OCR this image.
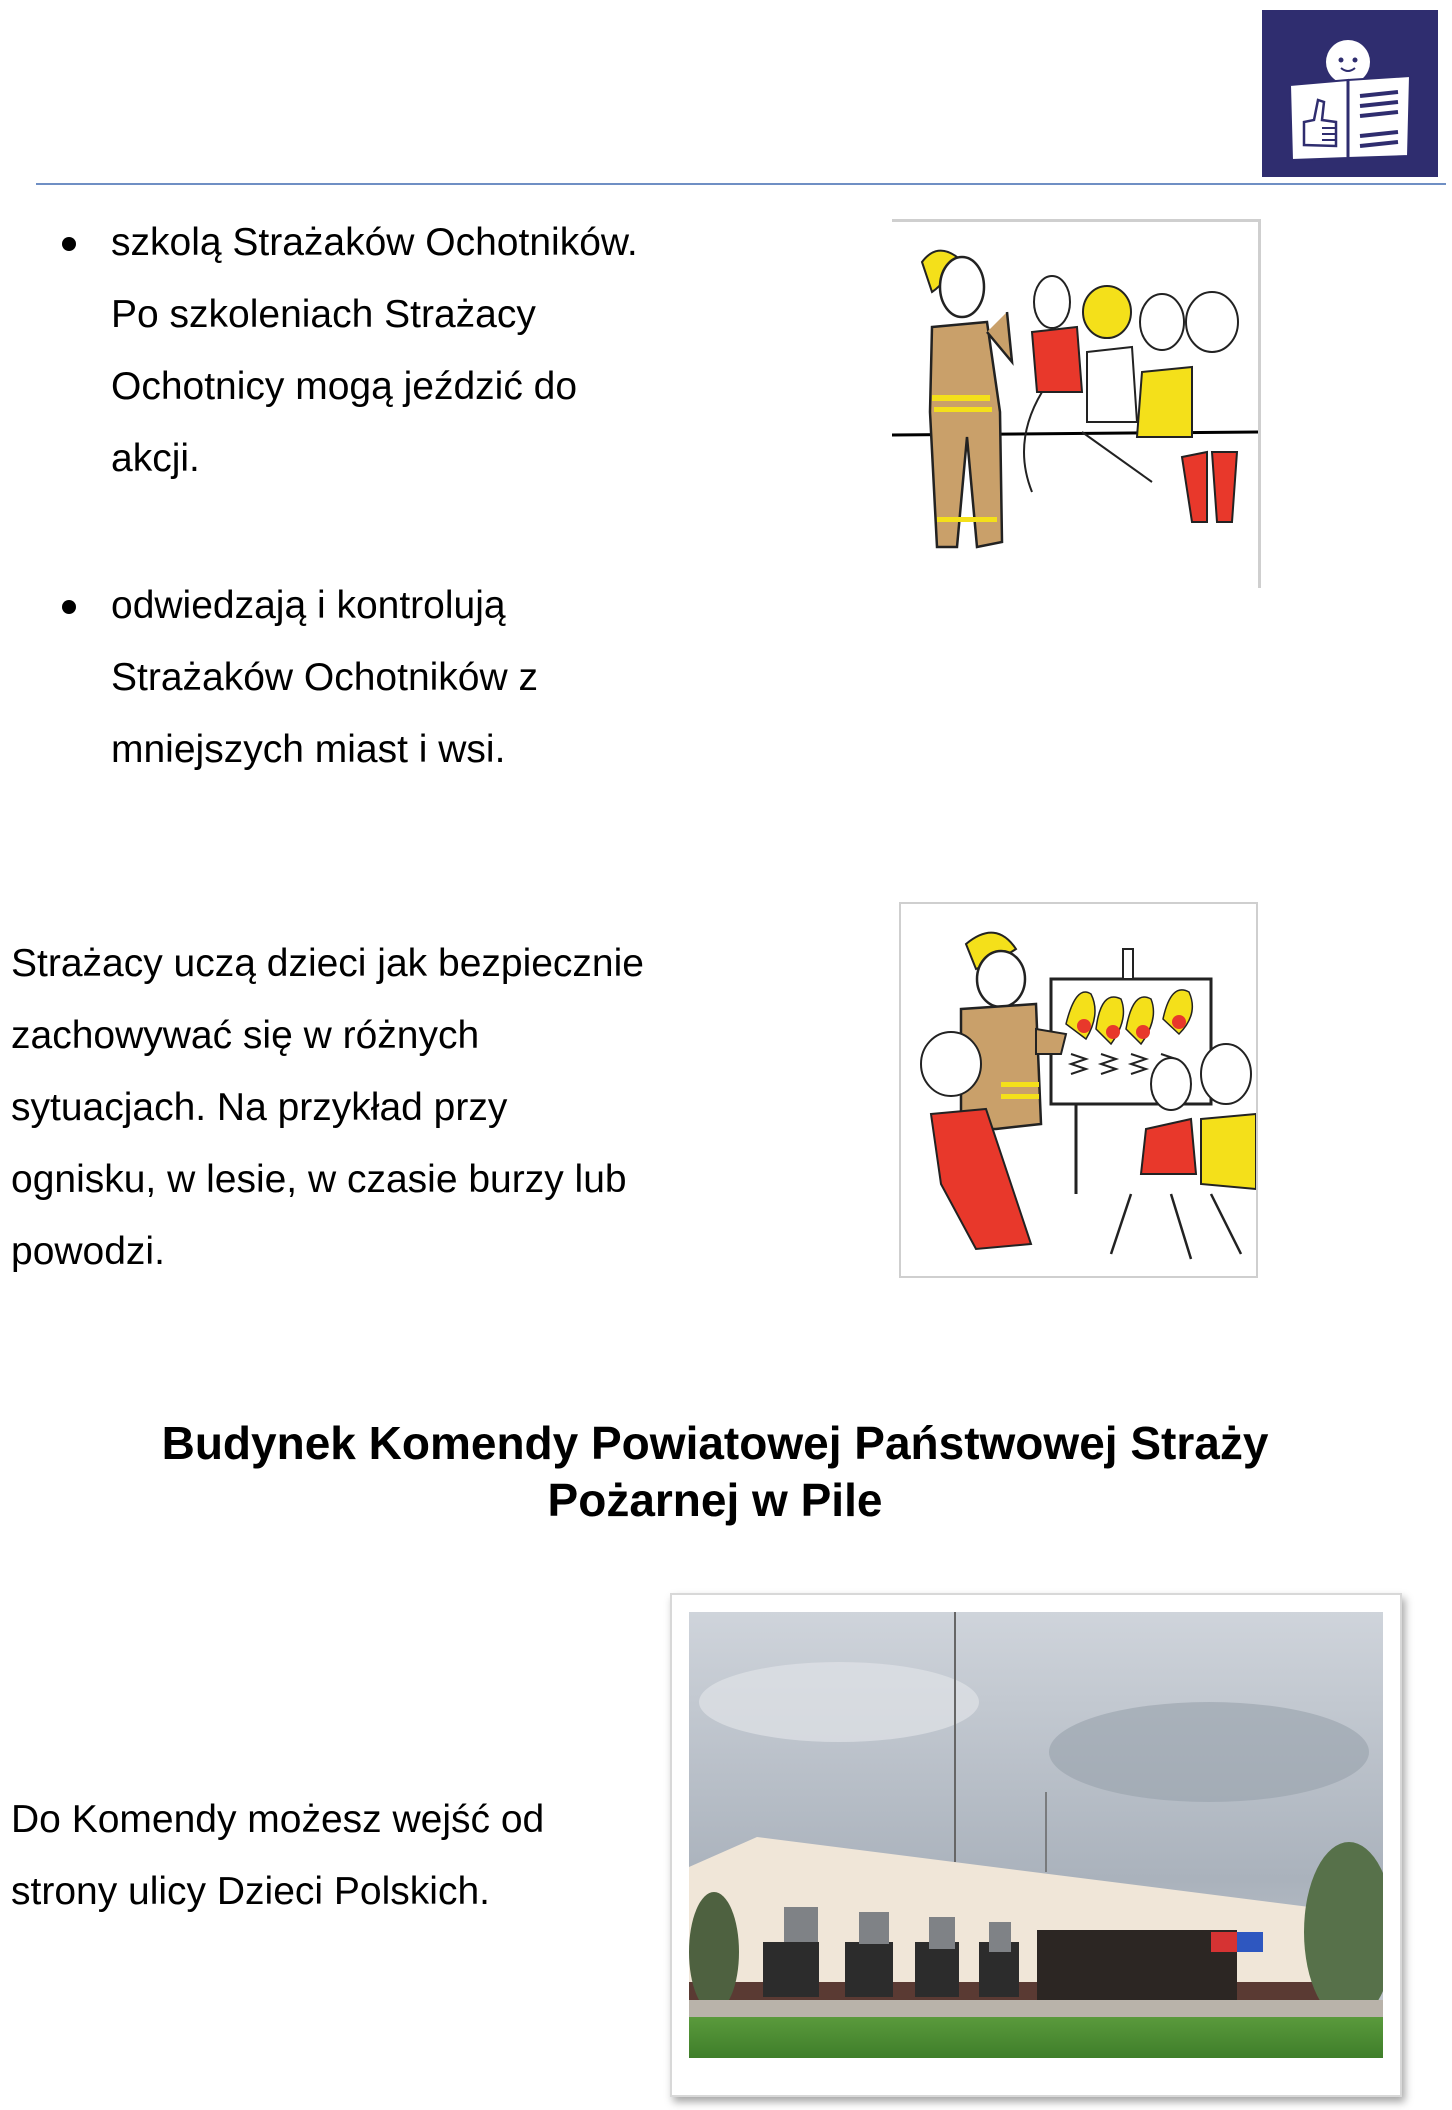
szkolą Strażaków Ochotników.
Po szkoleniach Strażacy
Ochotnicy mogą jeździć do
akcji.
odwiedzają i kontrolują
Strażaków Ochotników z
mniejszych miast i wsi.
Strażacy uczą dzieci jak bezpiecznie
zachowywać się w różnych
sytuacjach. Na przykład przy
ognisku, w lesie, w czasie burzy lub
powodzi.
Budynek Komendy Powiatowej Państwowej Straży
Pożarnej w Pile
Do Komendy możesz wejść od
strony ulicy Dzieci Polskich.
